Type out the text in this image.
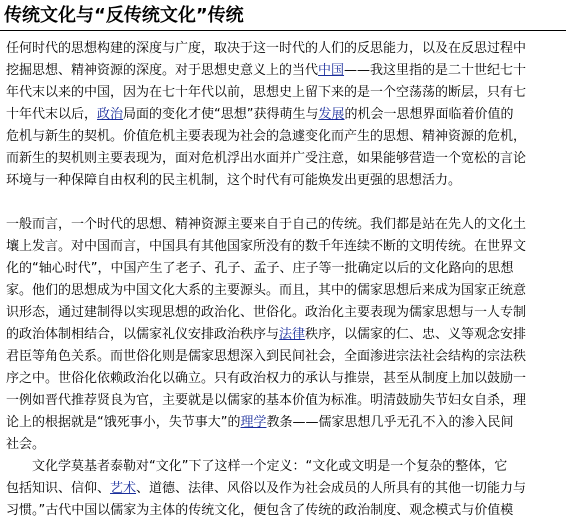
传统文化与“反传统文化”传统
任何时代的思想构建的深度与广度，取决于这一时代的人们的反思能力，以及在反思过程中
挖掘思想、精神资源的深度。对于思想史意义上的当代中国——我这里指的是二十世纪七十
年代末以来的中国，因为在七十年代以前，思想史上留下来的是一个空荡荡的断层，只有七
十年代末以后，政治局面的变化才使“思想”获得萌生与发展的机会一思想界面临着价值的
危机与新生的契机。价值危机主要表现为社会的急遽变化而产生的思想、精神资源的危机，
而新生的契机则主要表现为，面对危机浮出水面并广受注意，如果能够营造一个宽松的言论
环境与一种保障自由权利的民主机制，这个时代有可能焕发出更强的思想活力。
一般而言，一个时代的思想、精神资源主要来自于自己的传统。我们都是站在先人的文化土
壤上发言。对中国而言，中国具有其他国家所没有的数千年连续不断的文明传统。在世界文
化的“轴心时代”，中国产生了老子、孔子、孟子、庄子等一批确定以后的文化路向的思想
家。他们的思想成为中国文化大系的主要源头。而且，其中的儒家思想后来成为国家正统意
识形态，通过建制得以实现思想的政治化、世俗化。政治化主要表现为儒家思想与一人专制
的政治体制相结合，以儒家礼仪安排政治秩序与法律秩序，以儒家的仁、忠、义等观念安排
君臣等角色关系。而世俗化则是儒家思想深入到民间社会，全面渗进宗法社会结构的宗法秩
序之中。世俗化依赖政治化以确立。只有政治权力的承认与推崇，甚至从制度上加以鼓励一
一例如晋代推荐贤良为官，主要就是以儒家的基本价值为标准。明清鼓励失节妇女自杀，理
论上的根据就是“饿死事小，失节事大”的理学教条——儒家思想几乎无孔不入的渗入民间
社会。
文化学莫基者泰勒对“文化”下了这样一个定义：“文化或文明是一个复杂的整体，它
包括知识、信仰、艺术、道德、法律、风俗以及作为社会成员的人所具有的其他一切能力与
习惯。”古代中国以儒家为主体的传统文化，便包含了传统的政治制度、观念模式与价值模
